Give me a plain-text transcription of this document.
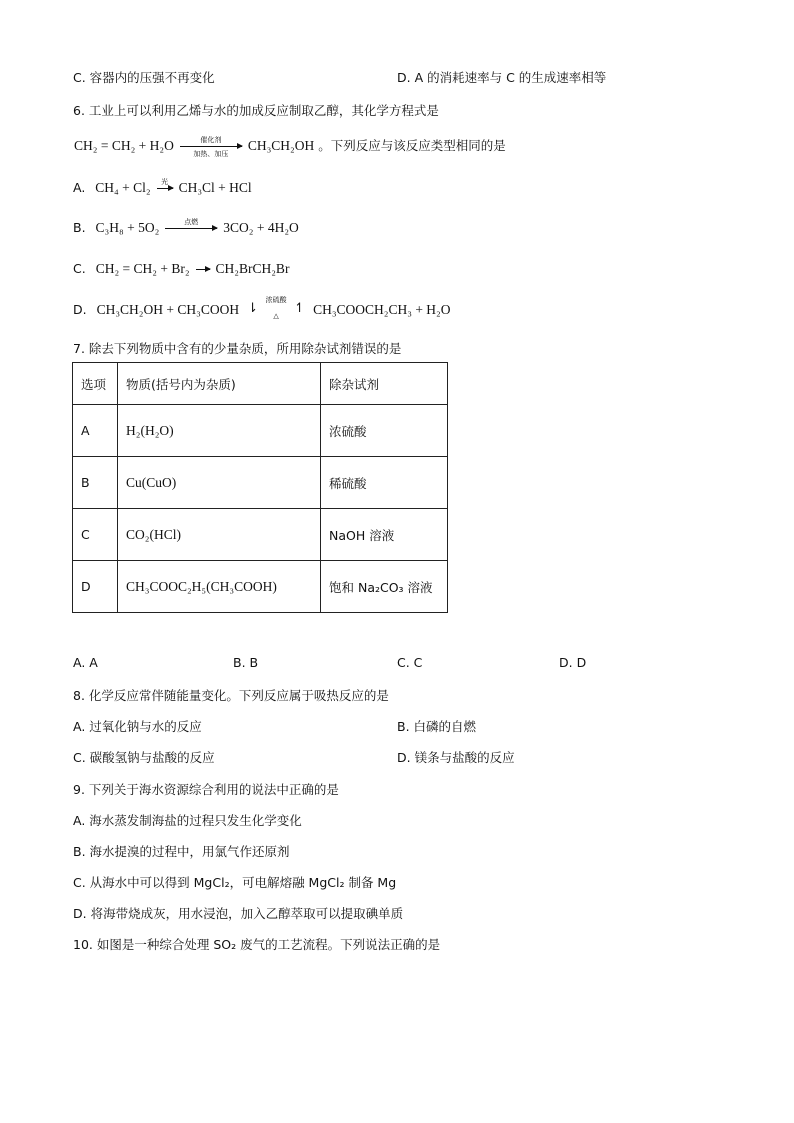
C. 容器内的压强不再变化	D. A 的消耗速率与 C 的生成速率相等
6. 工业上可以利用乙烯与水的加成反应制取乙醇，其化学方程式是
CH₂ = CH₂ + H₂O	催化剂
加热、加压
CH₃CH₂OH 。下列反应与该反应类型相同的是
A. CH₄ + Cl₂	光 CH₃Cl + HCl
B. C₃H₈ + 5O₂	点燃	3CO₂ + 4H₂O
C. CH₂ = CH₂ + Br₂ CH₂BrCH₂Br
D. CH₃CH₂OH + CH₃COOH ⇂
浓硫酸
△	↿ CH₃COOCH₂CH₃ + H₂O
7. 除去下列物质中含有的少量杂质，所用除杂试剂错误的是
选项	物质(括号内为杂质)	除杂试剂
A	H₂(H₂O)	浓硫酸
B	Cu(CuO)	稀硫酸
C	CO₂(HCl)	NaOH 溶液
D	CH₃COOC₂H₅(CH₃COOH)	饱和 Na₂CO₃ 溶液
A. A	B. B	C. C	D. D
8. 化学反应常伴随能量变化。下列反应属于吸热反应的是
A. 过氧化钠与水的反应	B. 白磷的自燃
C. 碳酸氢钠与盐酸的反应	D. 镁条与盐酸的反应
9. 下列关于海水资源综合利用的说法中正确的是
A. 海水蒸发制海盐的过程只发生化学变化
B. 海水提溴的过程中，用氯气作还原剂
C. 从海水中可以得到 MgCl₂，可电解熔融 MgCl₂ 制备 Mg
D. 将海带烧成灰，用水浸泡，加入乙醇萃取可以提取碘单质
10. 如图是一种综合处理 SO₂ 废气的工艺流程。下列说法正确的是
